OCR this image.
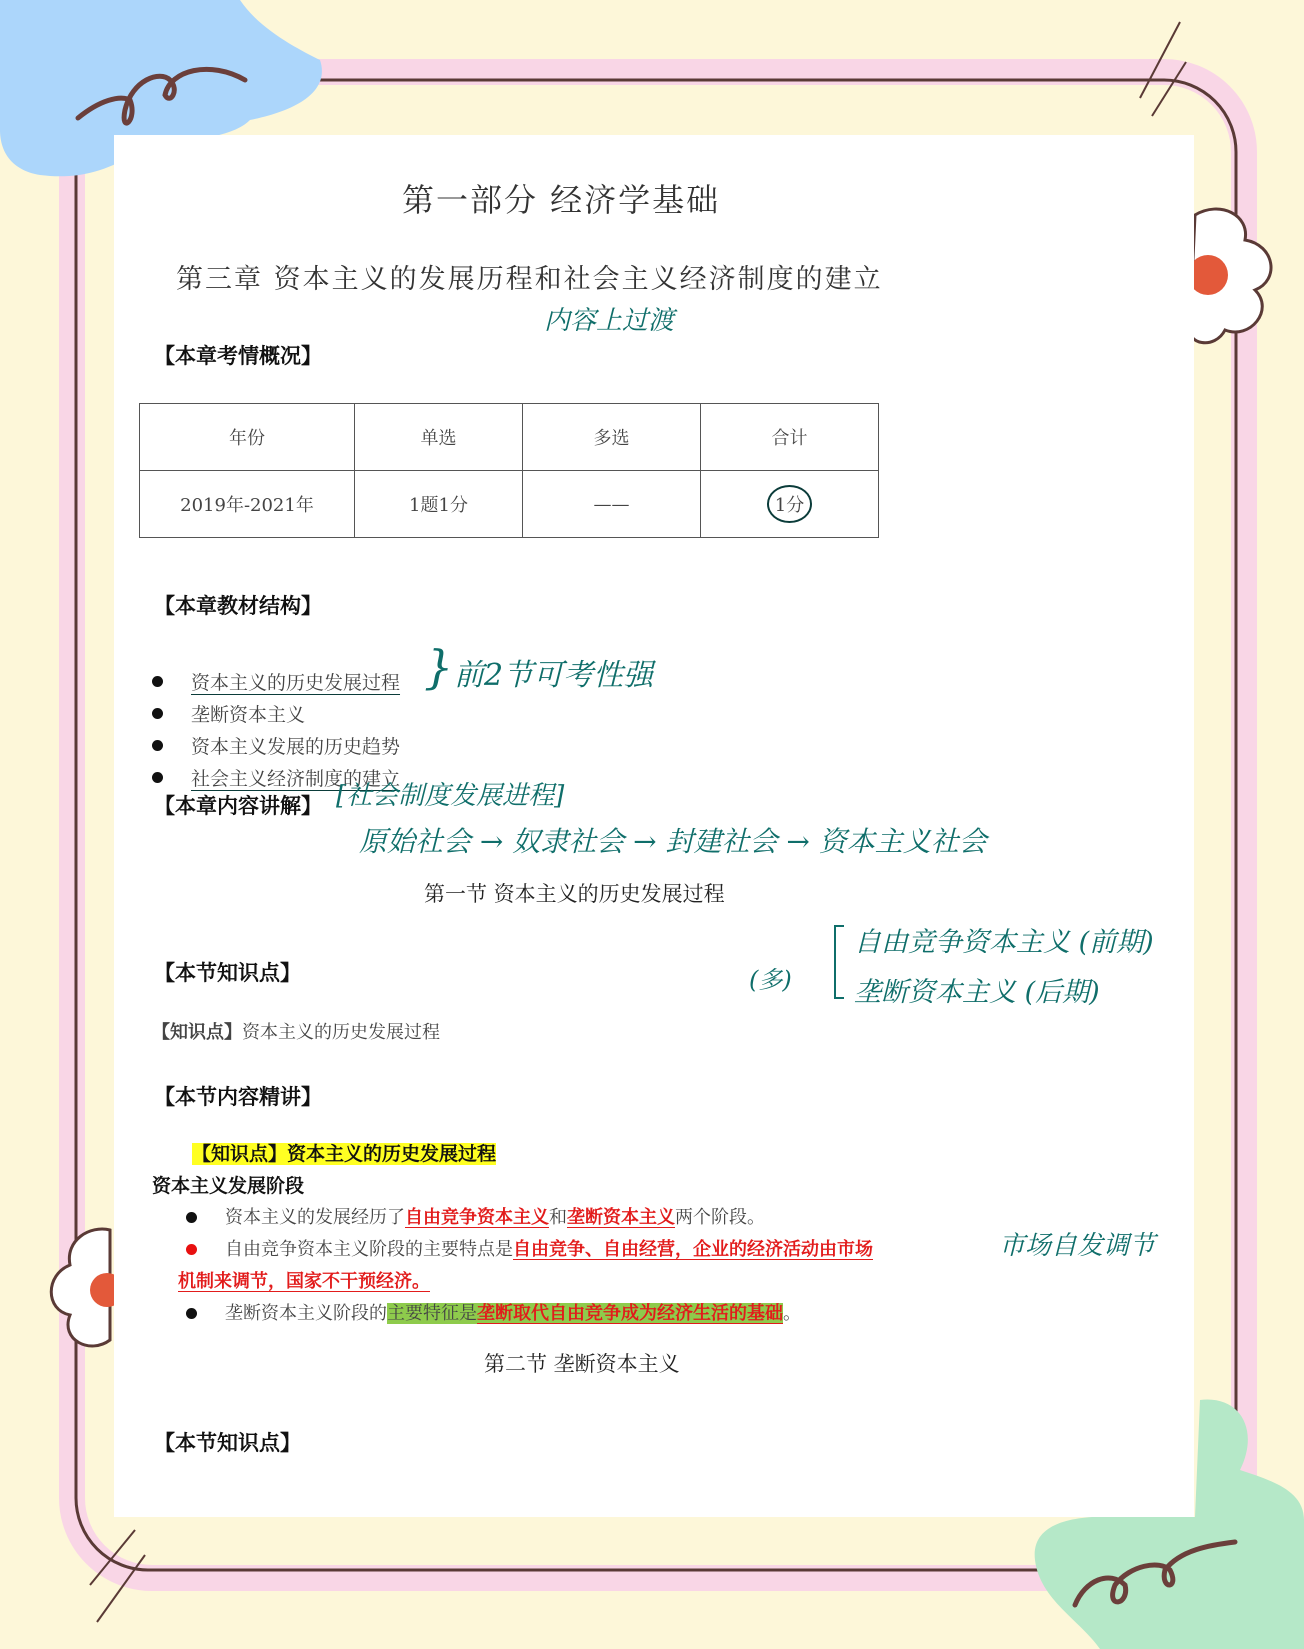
第一部分 经济学基础
第三章 资本主义的发展历程和社会主义经济制度的建立
内容上过渡
【本章考情概况】
年份	单选	多选	合计
2019年-2021年	1题1分	——	1分
【本章教材结构】
资本主义的历史发展过程
垄断资本主义
资本主义发展的历史趋势
社会主义经济制度的建立
} 前2节可考性强
【本章内容讲解】 [社会制度发展进程]
原始社会 → 奴隶社会 → 封建社会 → 资本主义社会
第一节 资本主义的历史发展过程
(多)
自由竞争资本主义 (前期)
垄断资本主义 (后期)
【本节知识点】
【知识点】资本主义的历史发展过程
【本节内容精讲】
【知识点】资本主义的历史发展过程
资本主义发展阶段
资本主义的发展经历了自由竞争资本主义和垄断资本主义两个阶段。
自由竞争资本主义阶段的主要特点是自由竞争、自由经营，企业的经济活动由市场	市场自发调节
机制来调节，国家不干预经济。
垄断资本主义阶段的主要特征是垄断取代自由竞争成为经济生活的基础。
第二节 垄断资本主义
【本节知识点】
